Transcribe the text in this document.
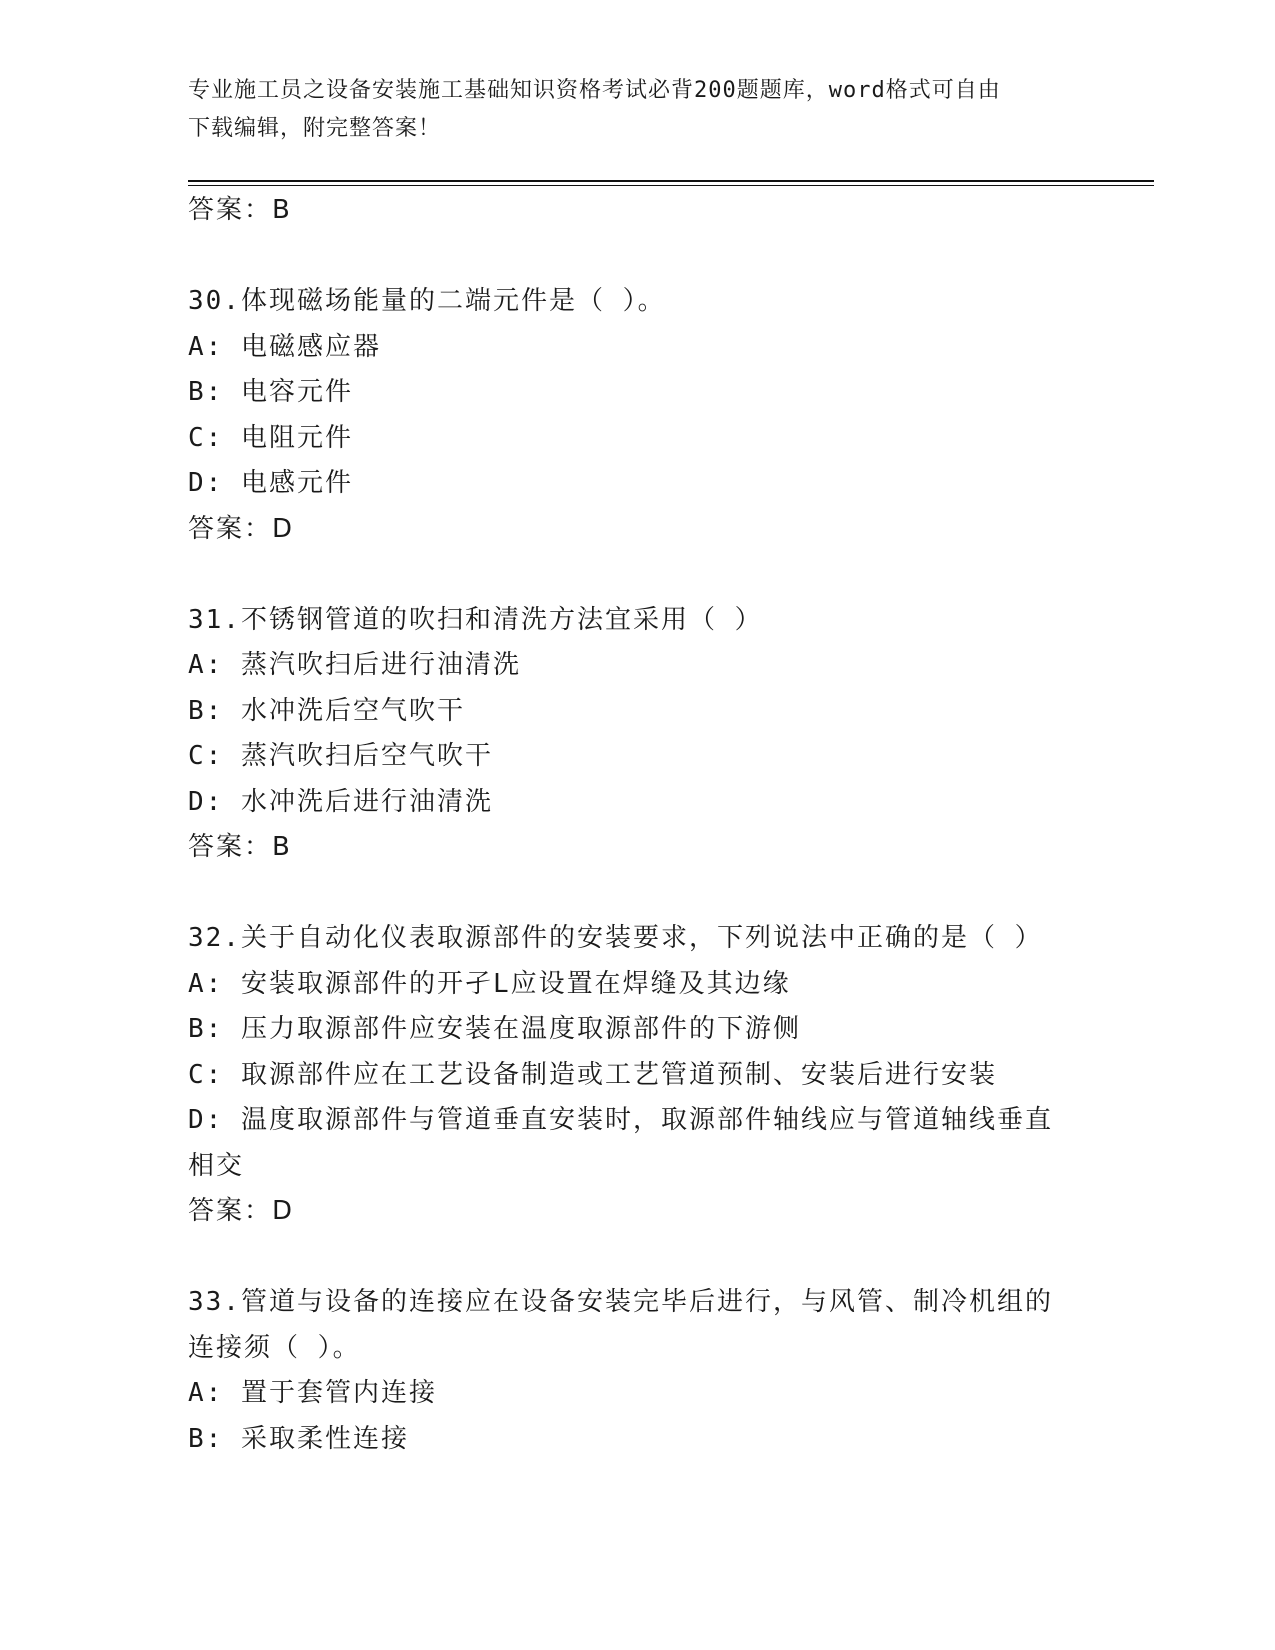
专业施工员之设备安装施工基础知识资格考试必背200题题库，word格式可自由
下载编辑，附完整答案！
答案：B
30.体现磁场能量的二端元件是（ ）。
A: 电磁感应器
B: 电容元件
C: 电阻元件
D: 电感元件
答案：D
31.不锈钢管道的吹扫和清洗方法宜采用（ ）
A: 蒸汽吹扫后进行油清洗
B: 水冲洗后空气吹干
C: 蒸汽吹扫后空气吹干
D: 水冲洗后进行油清洗
答案：B
32.关于自动化仪表取源部件的安装要求，下列说法中正确的是（ ）
A: 安装取源部件的开孑L应设置在焊缝及其边缘
B: 压力取源部件应安装在温度取源部件的下游侧
C: 取源部件应在工艺设备制造或工艺管道预制、安装后进行安装
D: 温度取源部件与管道垂直安装时，取源部件轴线应与管道轴线垂直
相交
答案：D
33.管道与设备的连接应在设备安装完毕后进行，与风管、制冷机组的
连接须（ ）。
A: 置于套管内连接
B: 采取柔性连接
